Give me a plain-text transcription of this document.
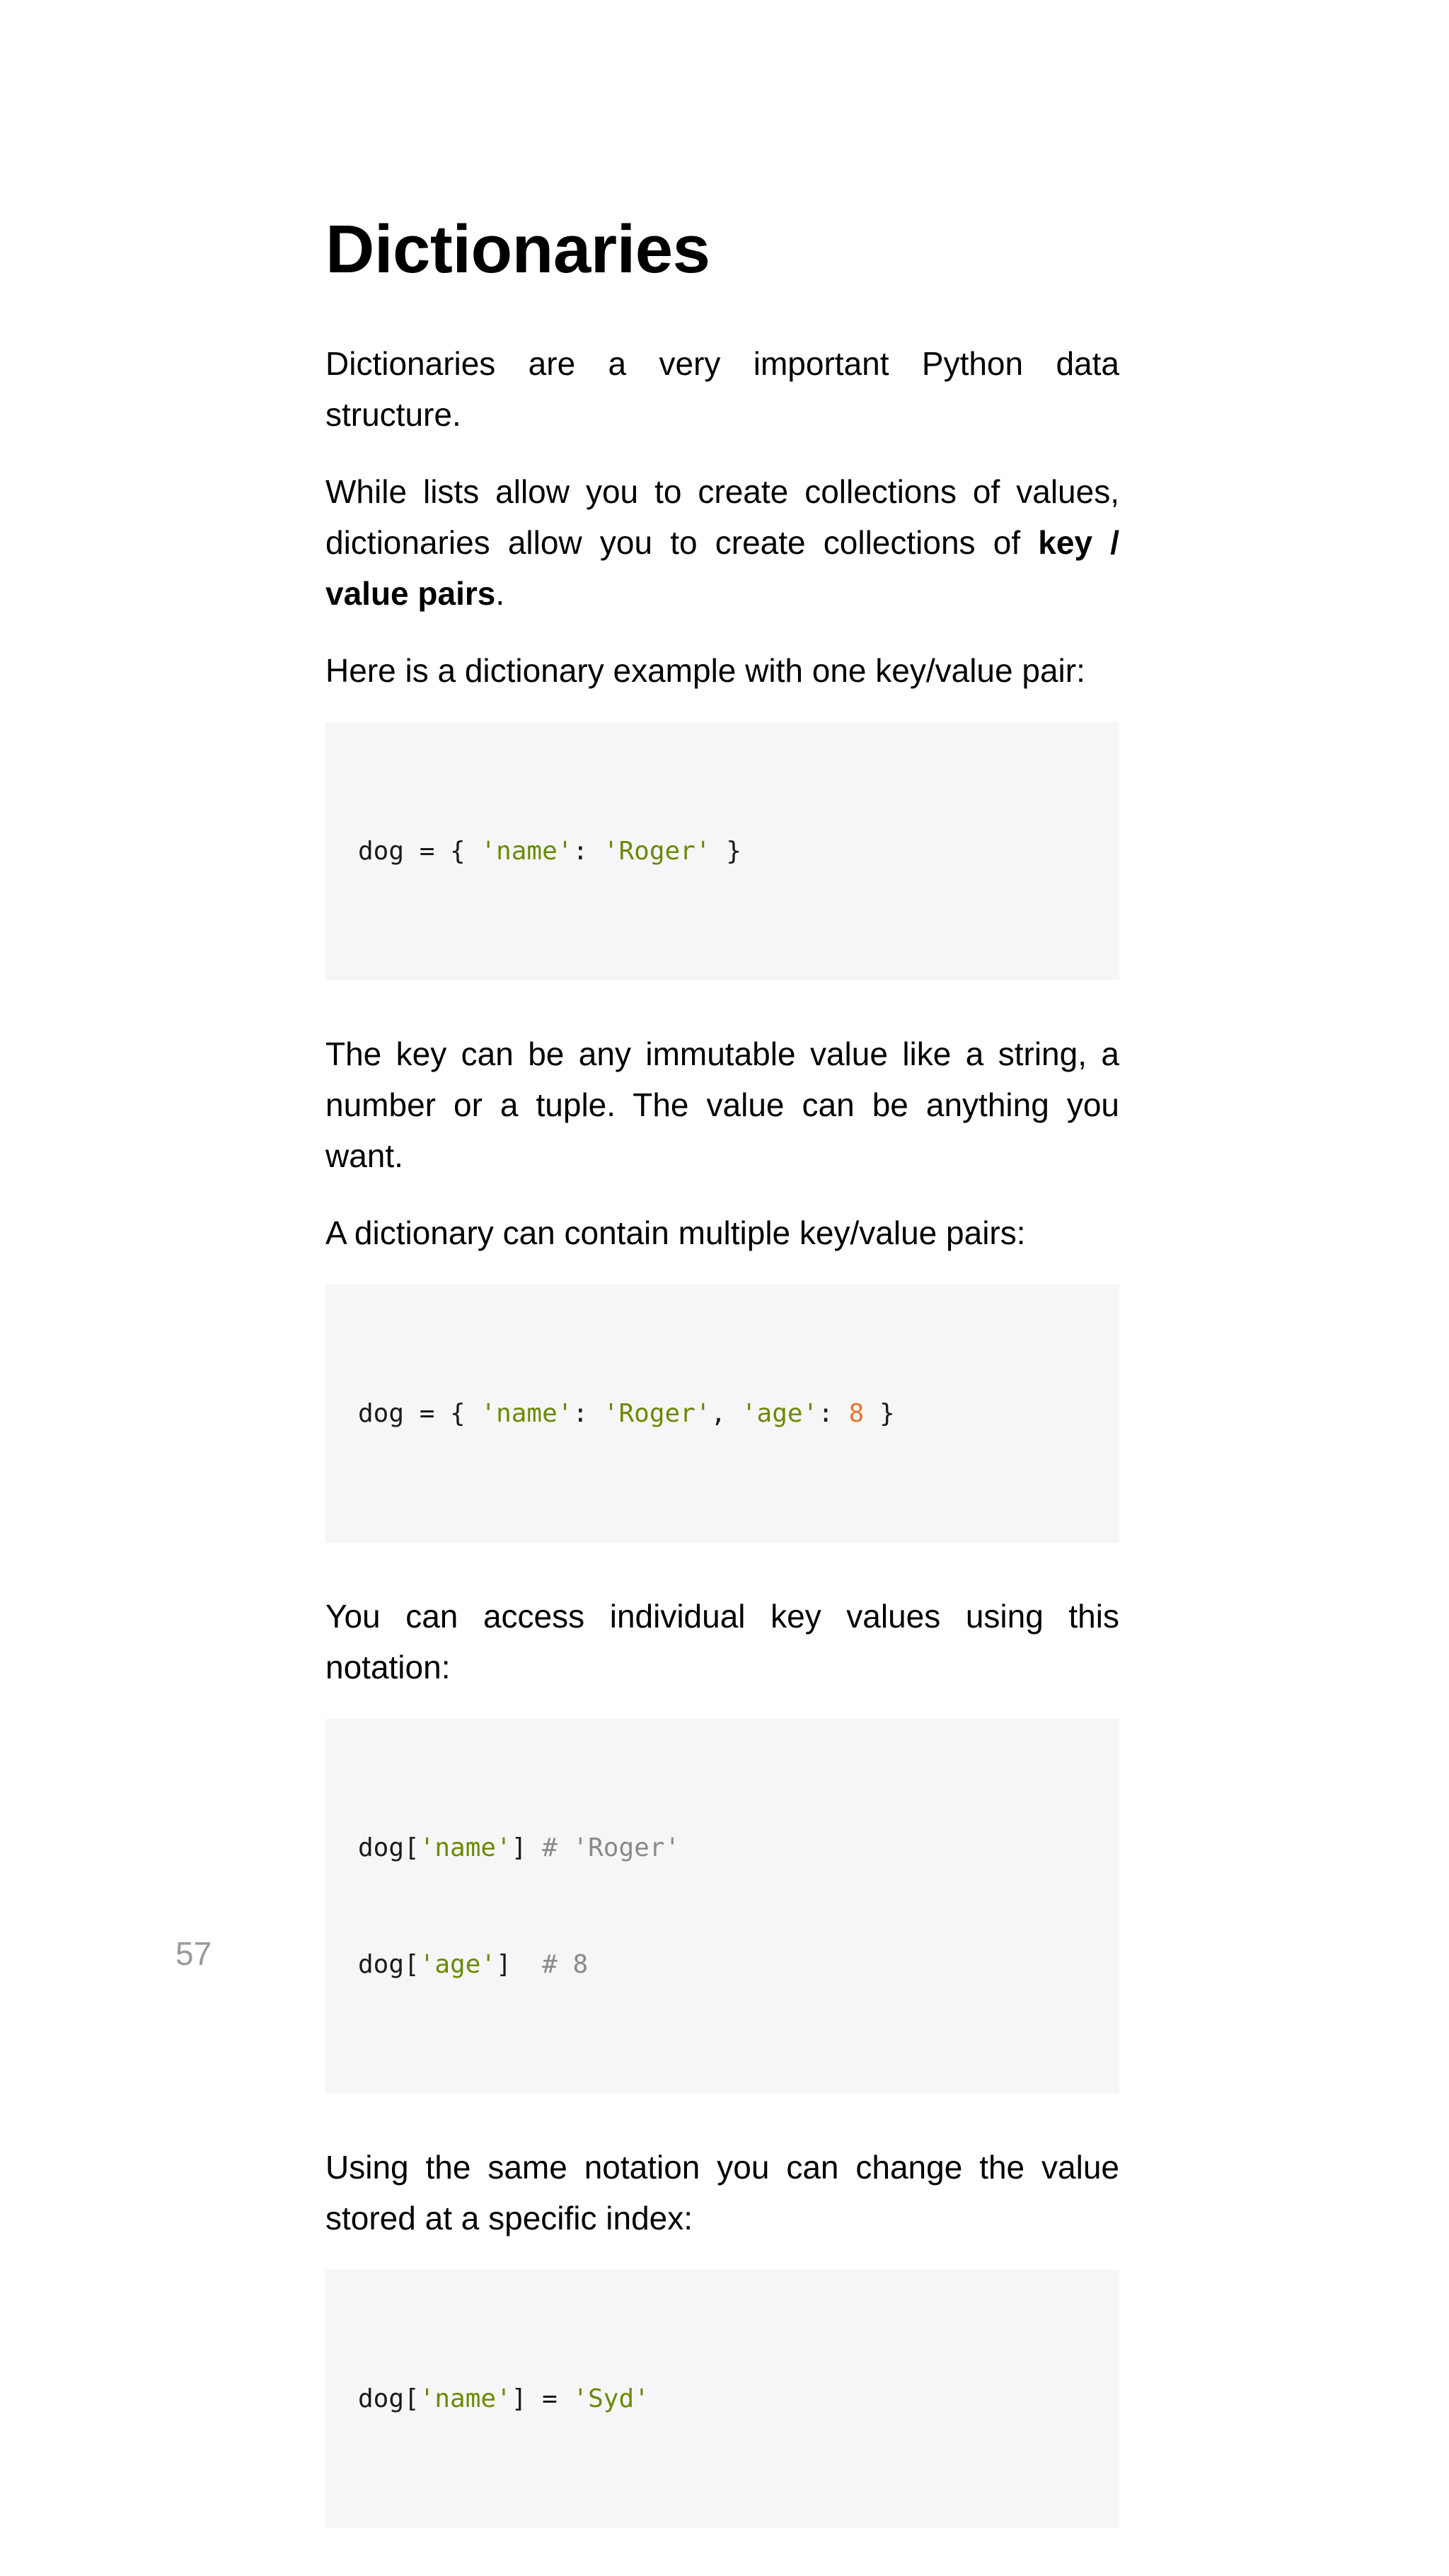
Dictionaries

Dictionaries are a very important Python data structure.

While lists allow you to create collections of values, dictionaries allow you to create collections of key / value pairs.

Here is a dictionary example with one key/value pair:

dog = { 'name': 'Roger' }

The key can be any immutable value like a string, a number or a tuple. The value can be anything you want.

A dictionary can contain multiple key/value pairs:

dog = { 'name': 'Roger', 'age': 8 }

You can access individual key values using this notation:

dog['name'] # 'Roger'

dog['age']  # 8

Using the same notation you can change the value stored at a specific index:

dog['name'] = 'Syd'

57
